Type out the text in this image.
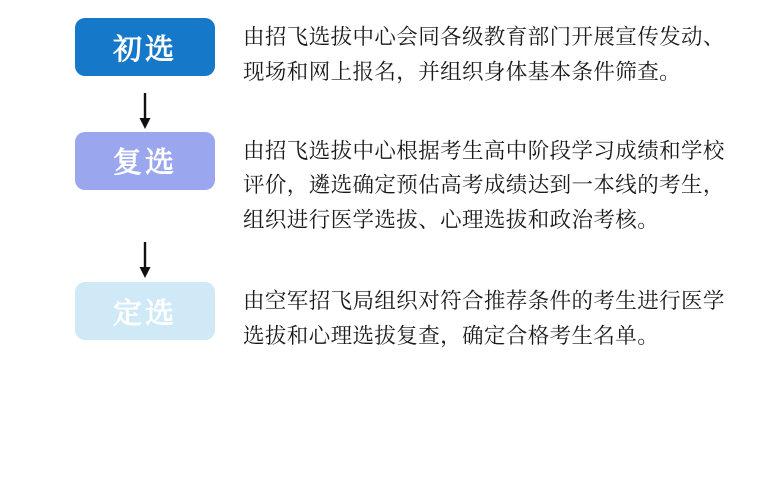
初选	由招飞选拔中心会同各级教育部门开展宣传发动、现场和网上报名，并组织身体基本条件筛查。
复选	由招飞选拔中心根据考生高中阶段学习成绩和学校评价，遴选确定预估高考成绩达到一本线的考生，组织进行医学选拔、心理选拔和政治考核。
定选	由空军招飞局组织对符合推荐条件的考生进行医学选拔和心理选拔复查，确定合格考生名单。
